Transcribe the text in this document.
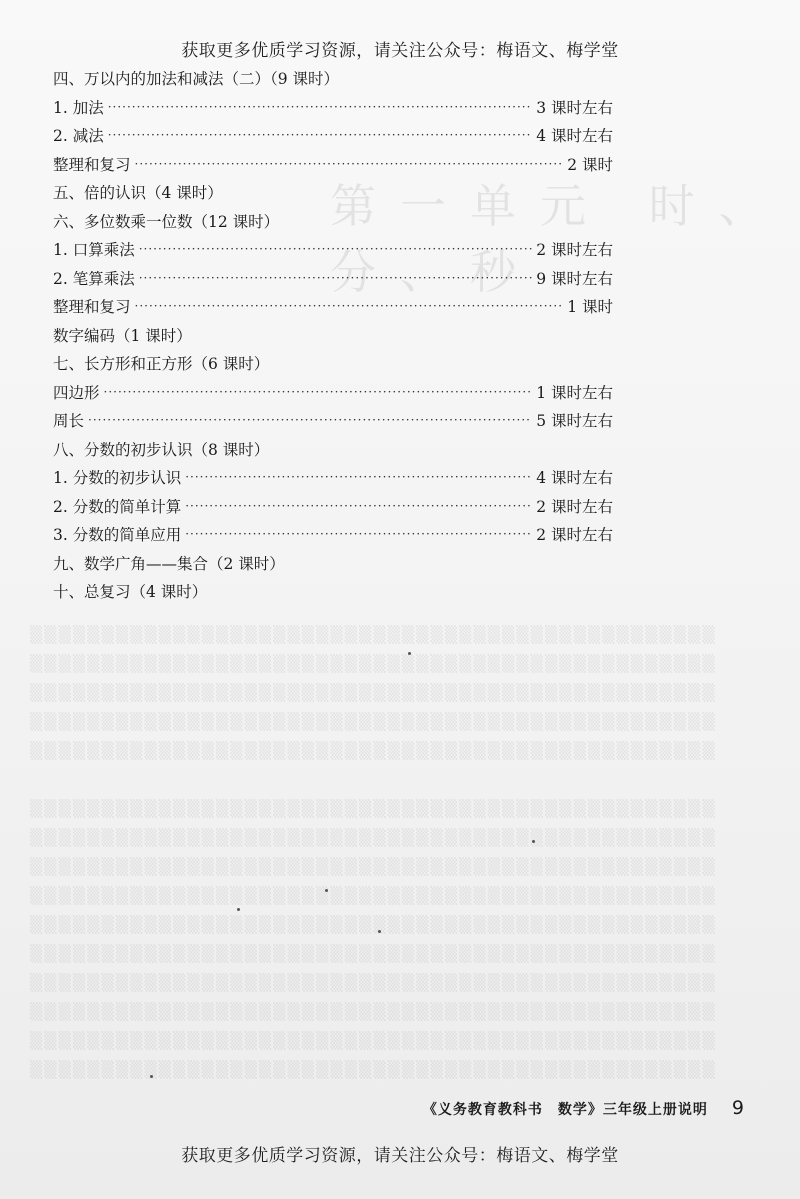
第一单元 时、分、秒
▒▒▒▒▒▒▒▒▒▒▒▒▒▒▒▒▒▒▒▒▒▒▒▒▒▒▒▒▒▒▒▒▒▒▒▒▒▒▒▒▒▒▒▒▒▒▒▒
▒▒▒▒▒▒▒▒▒▒▒▒▒▒▒▒▒▒▒▒▒▒▒▒▒▒▒▒▒▒▒▒▒▒▒▒▒▒▒▒▒▒▒▒▒▒▒▒
▒▒▒▒▒▒▒▒▒▒▒▒▒▒▒▒▒▒▒▒▒▒▒▒▒▒▒▒▒▒▒▒▒▒▒▒▒▒▒▒▒▒▒▒▒▒▒▒
▒▒▒▒▒▒▒▒▒▒▒▒▒▒▒▒▒▒▒▒▒▒▒▒▒▒▒▒▒▒▒▒▒▒▒▒▒▒▒▒▒▒▒▒▒▒▒▒
▒▒▒▒▒▒▒▒▒▒▒▒▒▒▒▒▒▒▒▒▒▒▒▒▒▒▒▒▒▒▒▒▒▒▒▒▒▒▒▒▒▒▒▒▒▒▒▒

▒▒▒▒▒▒▒▒▒▒▒▒▒▒▒▒▒▒▒▒▒▒▒▒▒▒▒▒▒▒▒▒▒▒▒▒▒▒▒▒▒▒▒▒▒▒▒▒
▒▒▒▒▒▒▒▒▒▒▒▒▒▒▒▒▒▒▒▒▒▒▒▒▒▒▒▒▒▒▒▒▒▒▒▒▒▒▒▒▒▒▒▒▒▒▒▒
▒▒▒▒▒▒▒▒▒▒▒▒▒▒▒▒▒▒▒▒▒▒▒▒▒▒▒▒▒▒▒▒▒▒▒▒▒▒▒▒▒▒▒▒▒▒▒▒
▒▒▒▒▒▒▒▒▒▒▒▒▒▒▒▒▒▒▒▒▒▒▒▒▒▒▒▒▒▒▒▒▒▒▒▒▒▒▒▒▒▒▒▒▒▒▒▒
▒▒▒▒▒▒▒▒▒▒▒▒▒▒▒▒▒▒▒▒▒▒▒▒▒▒▒▒▒▒▒▒▒▒▒▒▒▒▒▒▒▒▒▒▒▒▒▒
▒▒▒▒▒▒▒▒▒▒▒▒▒▒▒▒▒▒▒▒▒▒▒▒▒▒▒▒▒▒▒▒▒▒▒▒▒▒▒▒▒▒▒▒▒▒▒▒
▒▒▒▒▒▒▒▒▒▒▒▒▒▒▒▒▒▒▒▒▒▒▒▒▒▒▒▒▒▒▒▒▒▒▒▒▒▒▒▒▒▒▒▒▒▒▒▒
▒▒▒▒▒▒▒▒▒▒▒▒▒▒▒▒▒▒▒▒▒▒▒▒▒▒▒▒▒▒▒▒▒▒▒▒▒▒▒▒▒▒▒▒▒▒▒▒
▒▒▒▒▒▒▒▒▒▒▒▒▒▒▒▒▒▒▒▒▒▒▒▒▒▒▒▒▒▒▒▒▒▒▒▒▒▒▒▒▒▒▒▒▒▒▒▒
▒▒▒▒▒▒▒▒▒▒▒▒▒▒▒▒▒▒▒▒▒▒▒▒▒▒▒▒▒▒▒▒▒▒▒▒▒▒▒▒▒▒▒▒▒▒▒▒
获取更多优质学习资源，请关注公众号：梅语文、梅学堂
四、万以内的加法和减法（二）（9 课时）
1. 加法 ·····	3 课时左右
2. 减法 ·····	4 课时左右
整理和复习 ·····	2 课时
五、倍的认识（4 课时）
六、多位数乘一位数（12 课时）
1. 口算乘法 ·····	2 课时左右
2. 笔算乘法 ·····	9 课时左右
整理和复习 ·····	1 课时
数字编码（1 课时）
七、长方形和正方形（6 课时）
四边形 ·····	1 课时左右
周长 ·····	5 课时左右
八、分数的初步认识（8 课时）
1. 分数的初步认识 ·····	4 课时左右
2. 分数的简单计算 ·····	2 课时左右
3. 分数的简单应用 ·····	2 课时左右
九、数学广角——集合（2 课时）
十、总复习（4 课时）
《义务教育教科书　数学》三年级上册说明 9
获取更多优质学习资源，请关注公众号：梅语文、梅学堂
